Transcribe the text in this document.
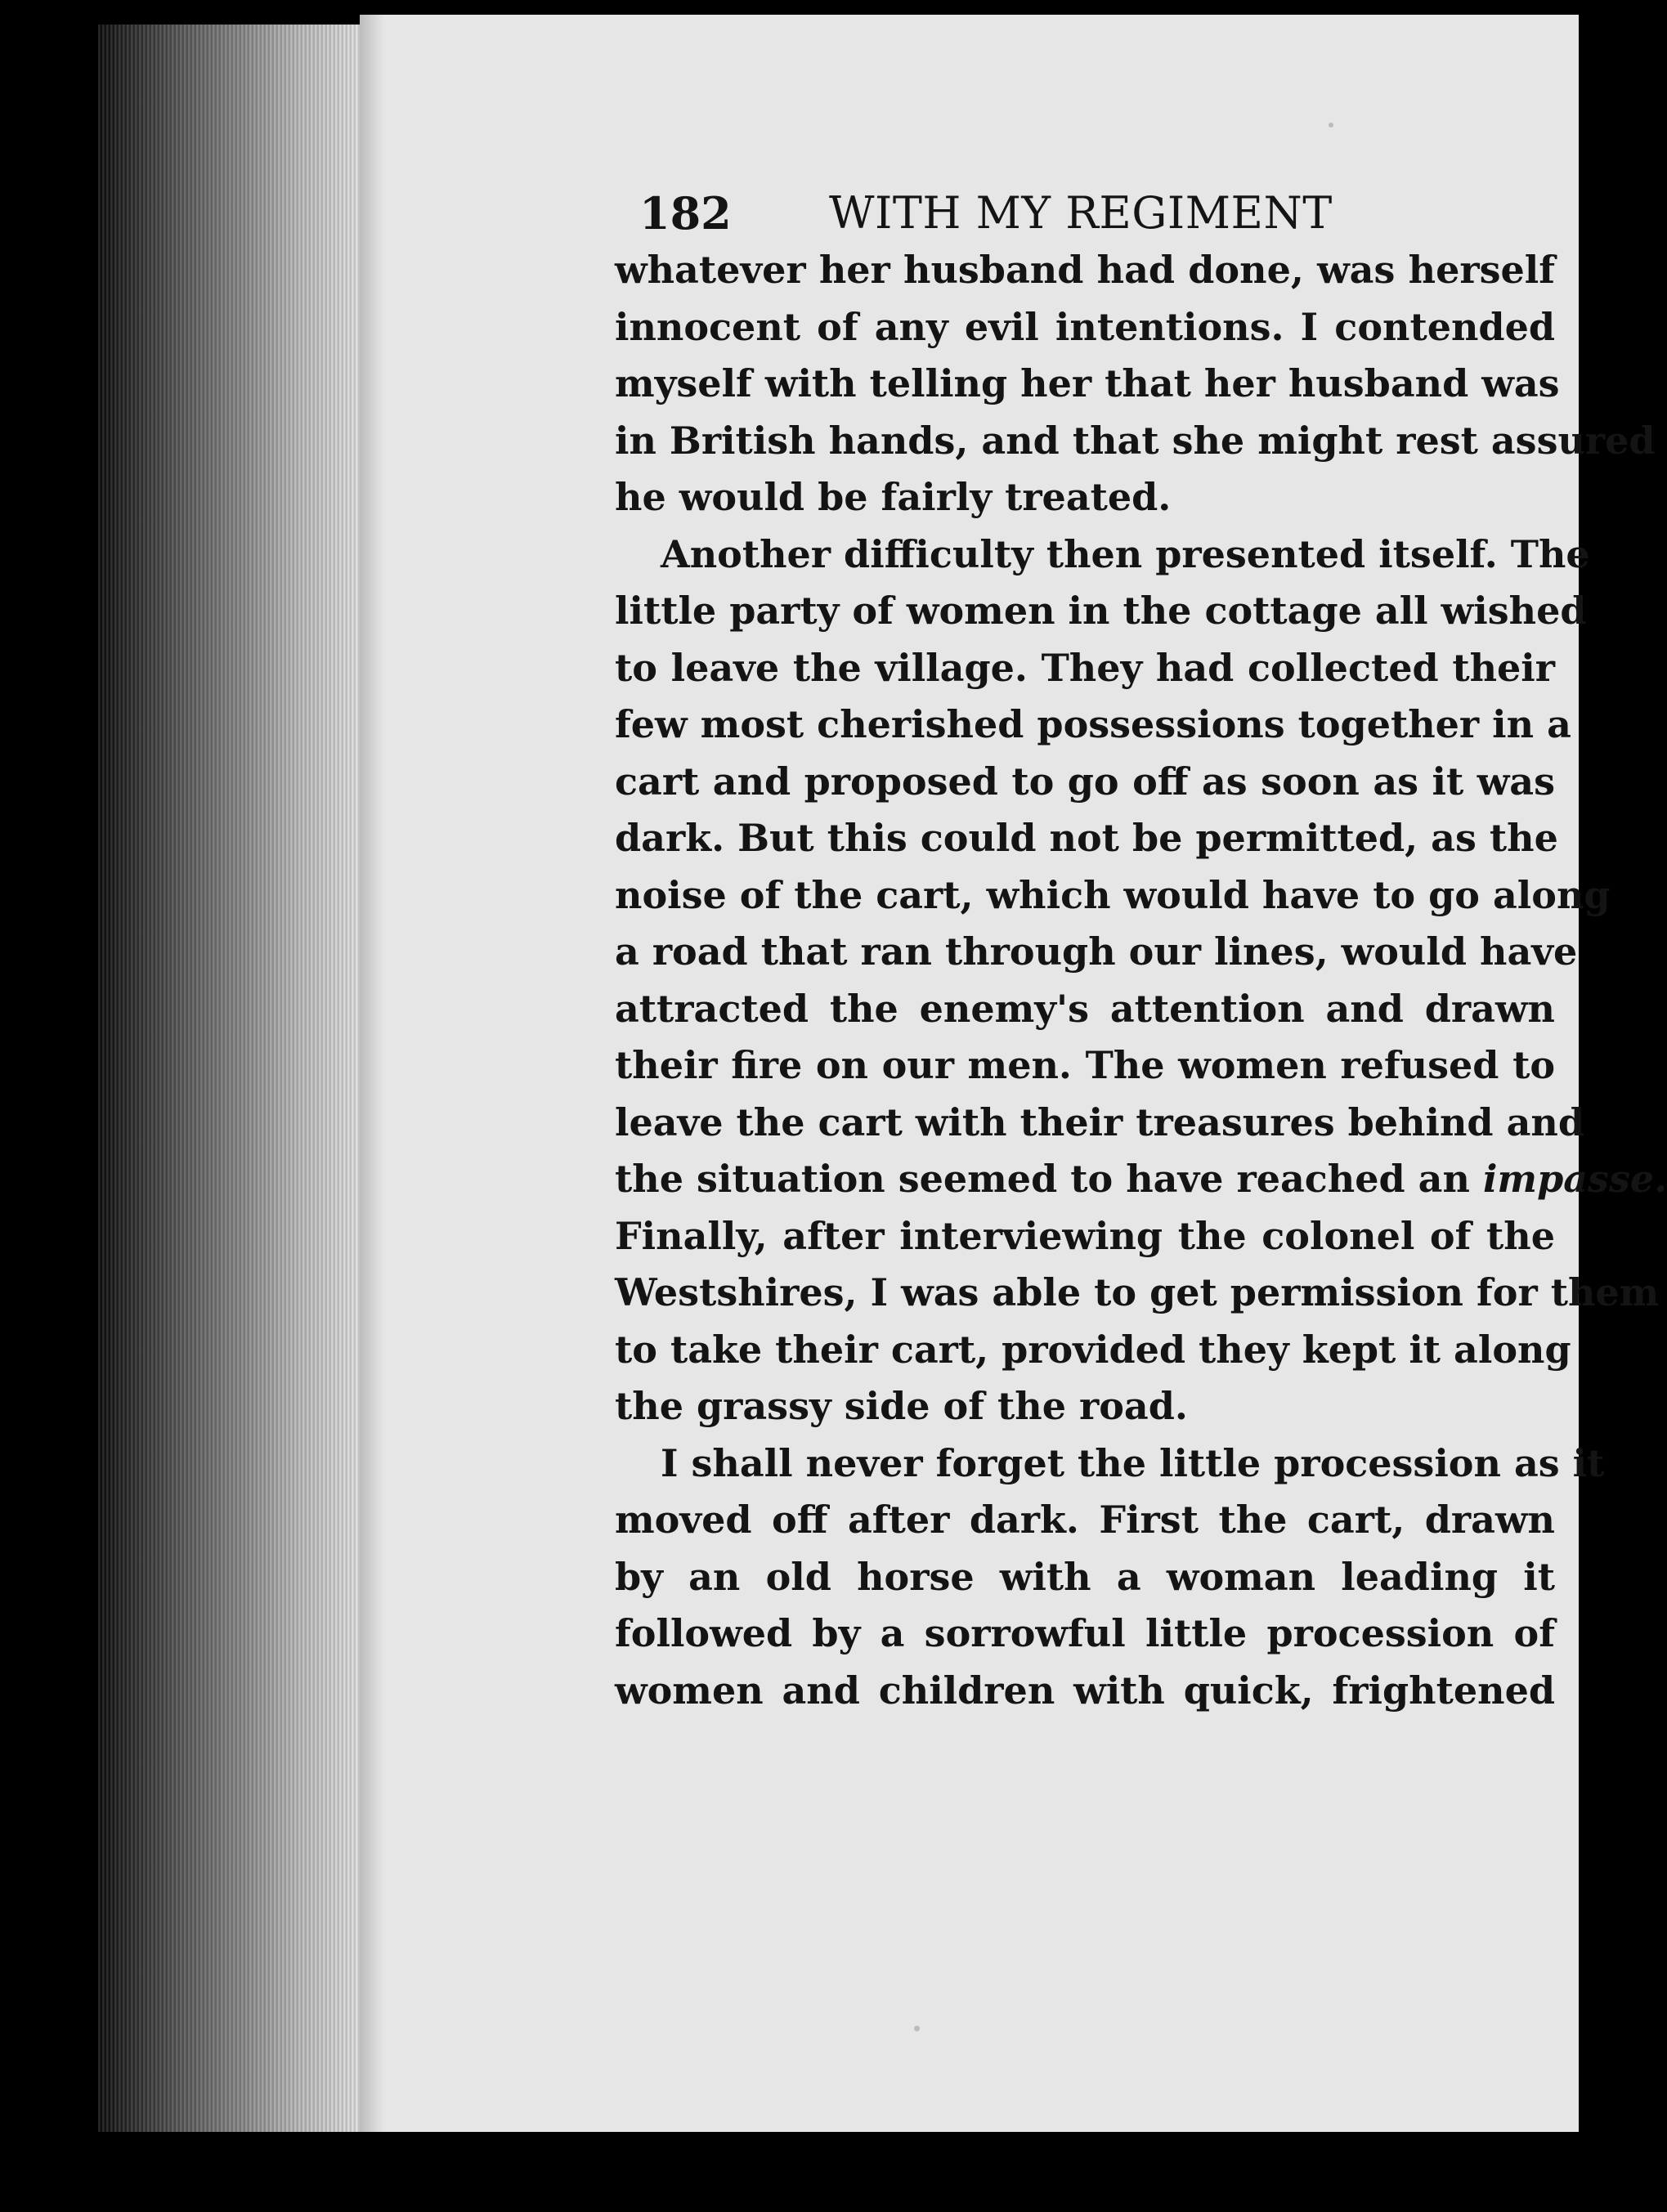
182 WITH MY REGIMENT
whatever her husband had done, was herself
innocent of any evil intentions. I contended
myself with telling her that her husband was
in British hands, and that she might rest assured
he would be fairly treated.
Another difficulty then presented itself. The
little party of women in the cottage all wished
to leave the village. They had collected their
few most cherished possessions together in a
cart and proposed to go off as soon as it was
dark. But this could not be permitted, as the
noise of the cart, which would have to go along
a road that ran through our lines, would have
attracted the enemy's attention and drawn
their fire on our men. The women refused to
leave the cart with their treasures behind and
the situation seemed to have reached an impasse.
Finally, after interviewing the colonel of the
Westshires, I was able to get permission for them
to take their cart, provided they kept it along
the grassy side of the road.
I shall never forget the little procession as it
moved off after dark. First the cart, drawn
by an old horse with a woman leading it
followed by a sorrowful little procession of
women and children with quick, frightened
